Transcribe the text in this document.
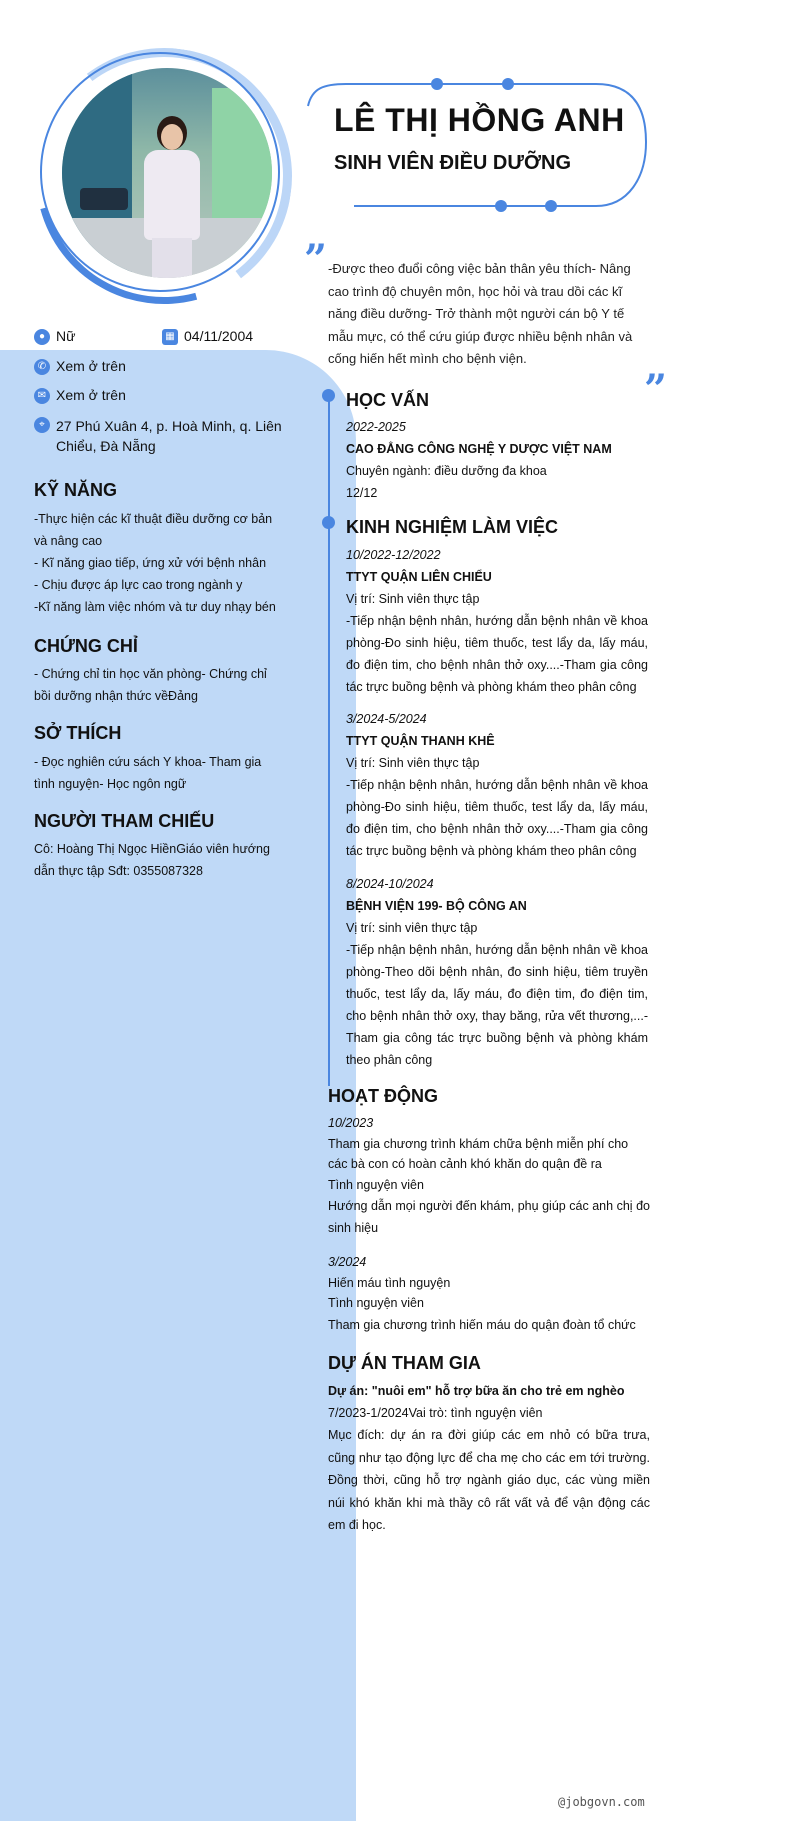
LÊ THỊ HỒNG ANH
SINH VIÊN ĐIỀU DƯỠNG
” -Được theo đuổi công việc bản thân yêu thích- Nâng cao trình độ chuyên môn, học hỏi và trau dồi các kĩ năng điều dưỡng- Trở thành một người cán bộ Y tế mẫu mực, có thể cứu giúp được nhiều bệnh nhân và cống hiến hết mình cho bệnh viện.
”
● Nữ	▦ 04/11/2004
✆ Xem ở trên
✉ Xem ở trên
⌖ 27 Phú Xuân 4, p. Hoà Minh, q. Liên Chiểu, Đà Nẵng
KỸ NĂNG
-Thực hiện các kĩ thuật điều dưỡng cơ bản và nâng cao
- Kĩ năng giao tiếp, ứng xử với bệnh nhân
- Chịu được áp lực cao trong ngành y
-Kĩ năng làm việc nhóm và tư duy nhạy bén
CHỨNG CHỈ
- Chứng chỉ tin học văn phòng- Chứng chỉ bồi dưỡng nhận thức vềĐảng
SỞ THÍCH
- Đọc nghiên cứu sách Y khoa- Tham gia tình nguyện- Học ngôn ngữ
NGƯỜI THAM CHIẾU
Cô: Hoàng Thị Ngọc HiềnGiáo viên hướng dẫn thực tập Sđt: 0355087328
HỌC VẤN
2022-2025
CAO ĐẲNG CÔNG NGHỆ Y DƯỢC VIỆT NAM
Chuyên ngành: điều dưỡng đa khoa
12/12
KINH NGHIỆM LÀM VIỆC
10/2022-12/2022
TTYT QUẬN LIÊN CHIỂU
Vị trí: Sinh viên thực tập
-Tiếp nhận bệnh nhân, hướng dẫn bệnh nhân về khoa phòng-Đo sinh hiệu, tiêm thuốc, test lẩy da, lấy máu, đo điện tim, cho bệnh nhân thở oxy....-Tham gia công tác trực buồng bệnh và phòng khám theo phân công
3/2024-5/2024
TTYT QUẬN THANH KHÊ
Vị trí: Sinh viên thực tập
-Tiếp nhận bệnh nhân, hướng dẫn bệnh nhân về khoa phòng-Đo sinh hiệu, tiêm thuốc, test lẩy da, lấy máu, đo điện tim, cho bệnh nhân thở oxy....-Tham gia công tác trực buồng bệnh và phòng khám theo phân công
8/2024-10/2024
BỆNH VIỆN 199- BỘ CÔNG AN
Vị trí: sinh viên thực tập
-Tiếp nhận bệnh nhân, hướng dẫn bệnh nhân về khoa phòng-Theo dõi bệnh nhân, đo sinh hiệu, tiêm truyền thuốc, test lẩy da, lấy máu, đo điện tim, đo điện tim, cho bệnh nhân thở oxy, thay băng, rửa vết thương,...-Tham gia công tác trực buồng bệnh và phòng khám theo phân công
HOẠT ĐỘNG
10/2023
Tham gia chương trình khám chữa bệnh miễn phí cho các bà con có hoàn cảnh khó khăn do quận đề ra
Tình nguyện viên
Hướng dẫn mọi người đến khám, phụ giúp các anh chị đo sinh hiệu
3/2024
Hiến máu tình nguyện
Tình nguyện viên
Tham gia chương trình hiến máu do quận đoàn tổ chức
DỰ ÁN THAM GIA
Dự án: "nuôi em" hỗ trợ bữa ăn cho trẻ em nghèo
7/2023-1/2024Vai trò: tình nguyện viên
Mục đích: dự án ra đời giúp các em nhỏ có bữa trưa, cũng như tạo động lực để cha mẹ cho các em tới trường. Đồng thời, cũng hỗ trợ ngành giáo dục, các vùng miền núi khó khăn khi mà thầy cô rất vất vả để vận động các em đi học.
@jobgovn.com
